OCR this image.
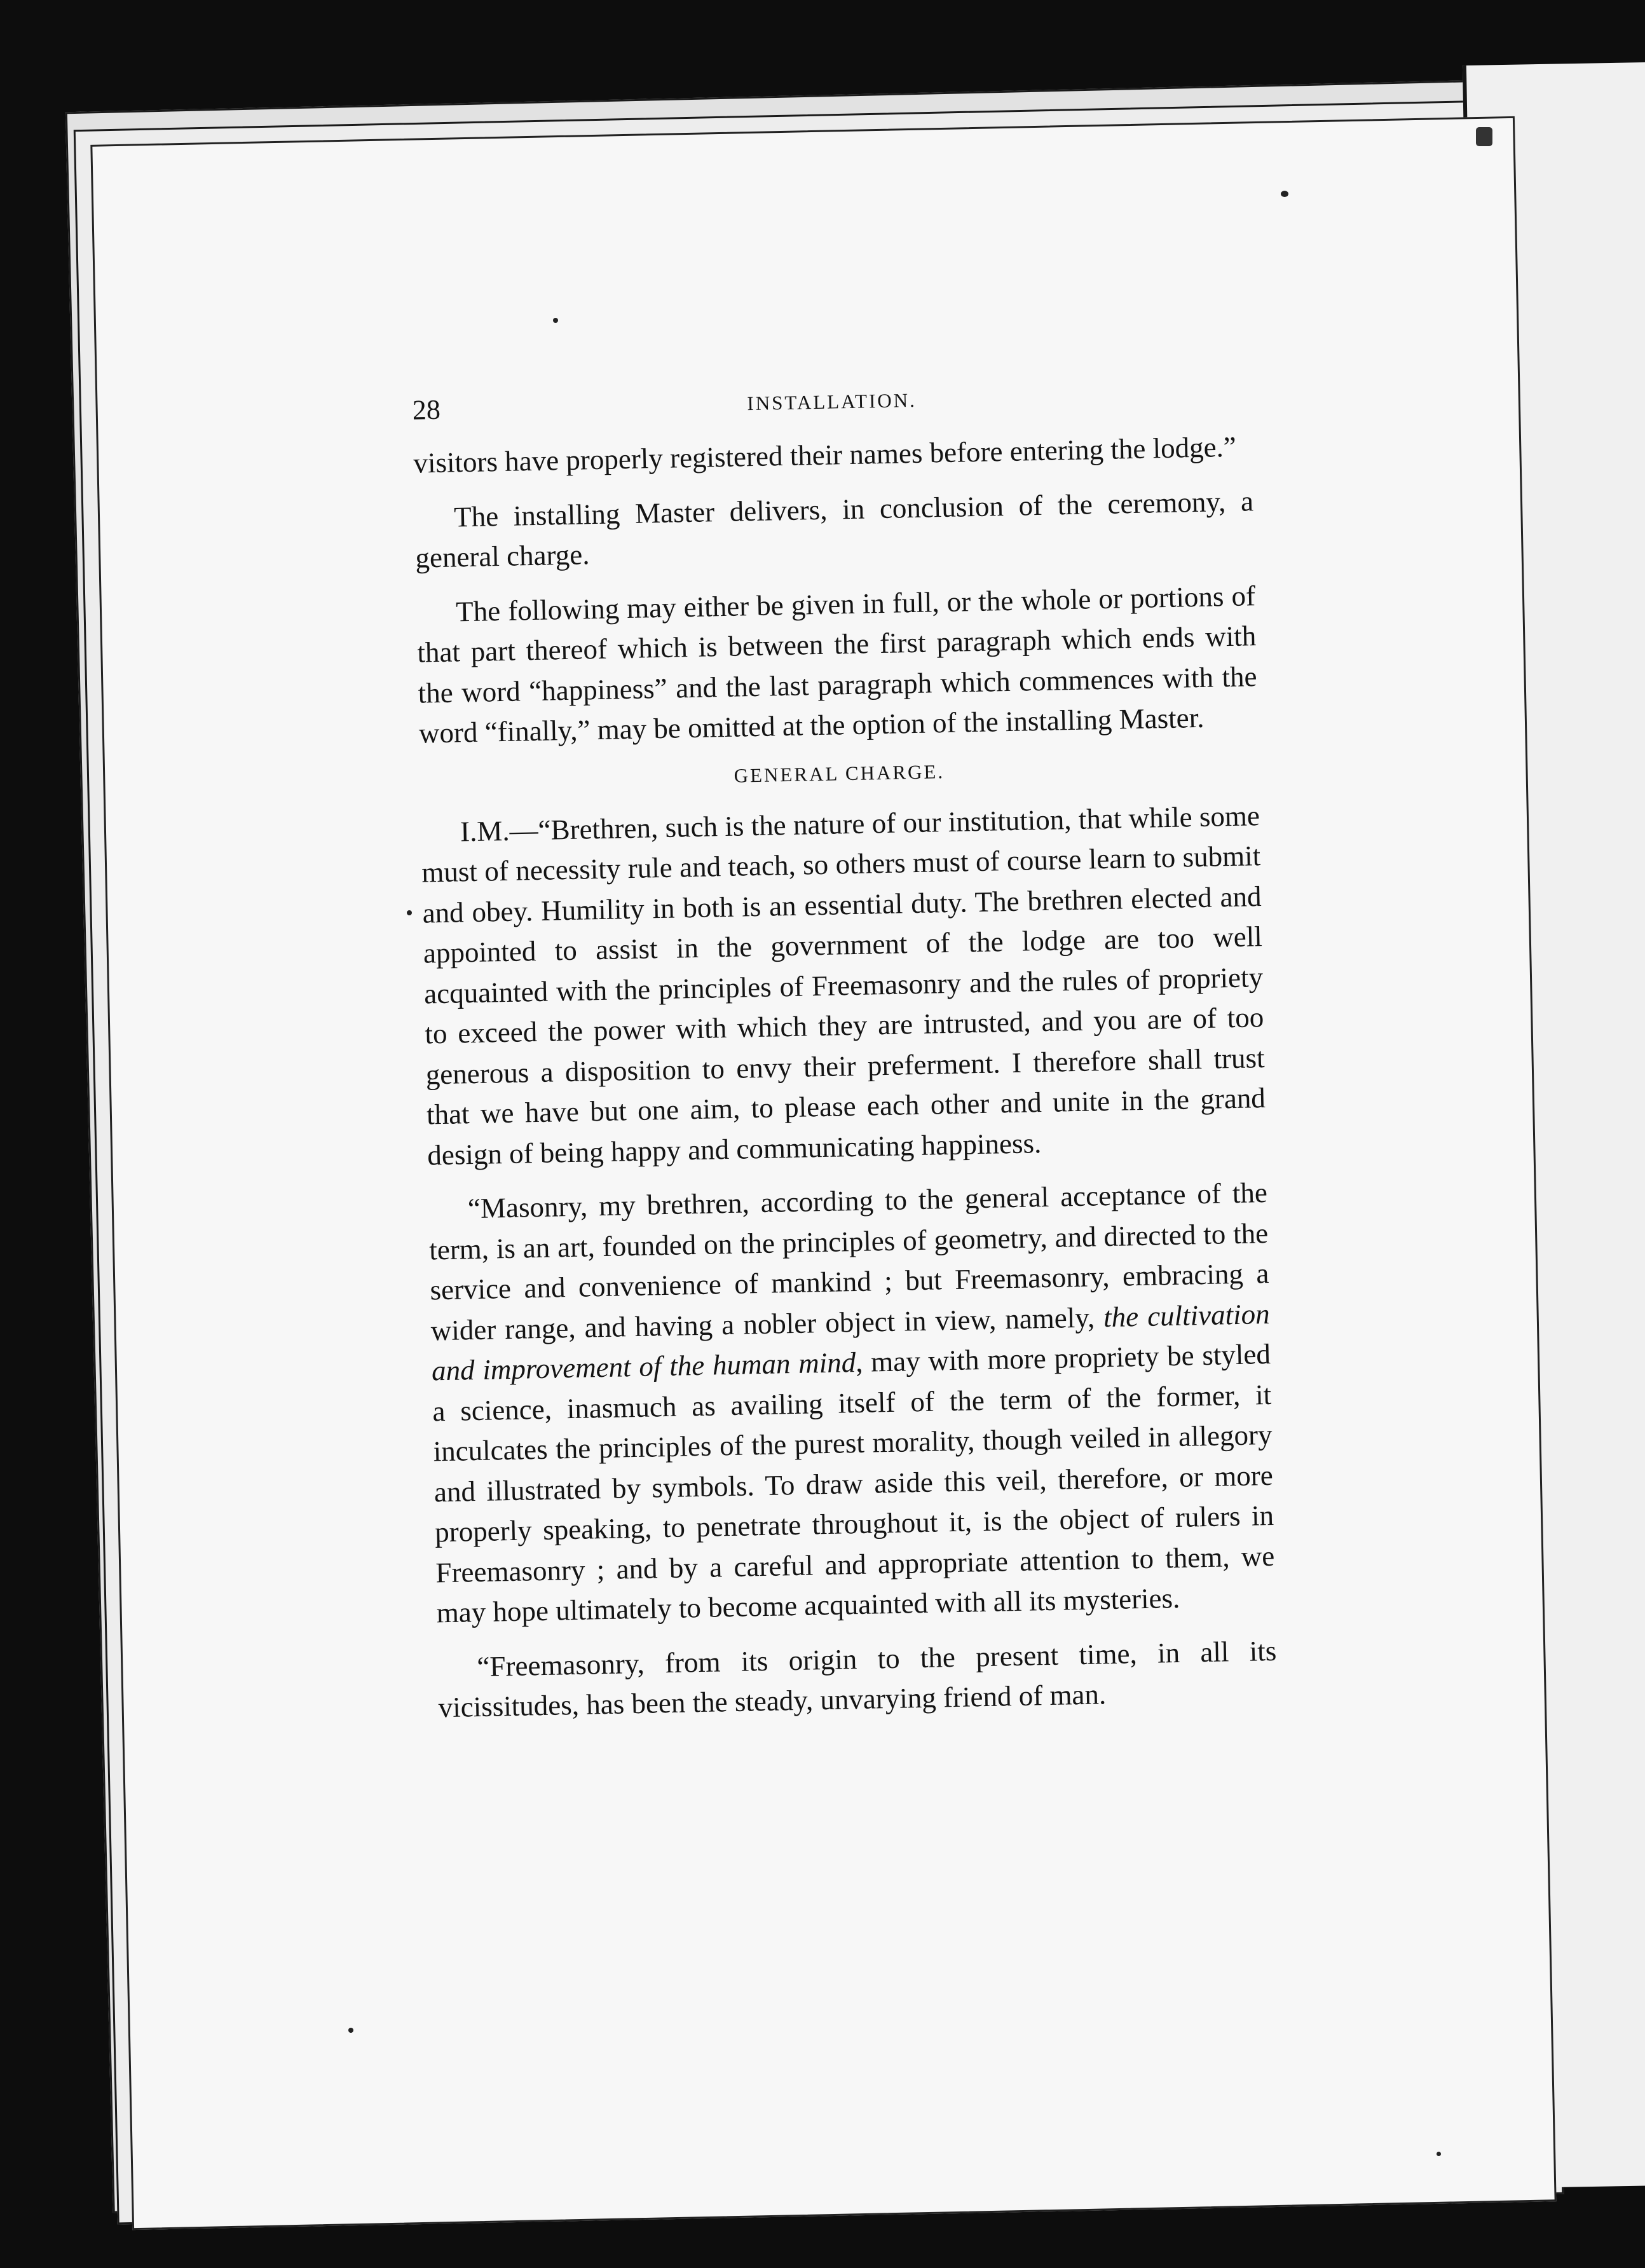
28	INSTALLATION.

visitors have properly registered their names before entering the lodge.”

The installing Master delivers, in conclusion of the ceremony, a general charge.

The following may either be given in full, or the whole or portions of that part thereof which is between the first paragraph which ends with the word “happiness” and the last paragraph which commences with the word “finally,” may be omitted at the option of the installing Master.

GENERAL CHARGE.

I.M.—“Brethren, such is the nature of our institution, that while some must of necessity rule and teach, so others must of course learn to submit and obey. Humility in both is an essential duty. The brethren elected and appointed to assist in the government of the lodge are too well acquainted with the principles of Freemasonry and the rules of propriety to exceed the power with which they are intrusted, and you are of too generous a disposition to envy their preferment. I therefore shall trust that we have but one aim, to please each other and unite in the grand design of being happy and communicating happiness.

“Masonry, my brethren, according to the general acceptance of the term, is an art, founded on the principles of geometry, and directed to the service and convenience of mankind ; but Freemasonry, embracing a wider range, and having a nobler object in view, namely, the cultivation and improvement of the human mind, may with more propriety be styled a science, inasmuch as availing itself of the term of the former, it inculcates the principles of the purest morality, though veiled in allegory and illustrated by symbols. To draw aside this veil, therefore, or more properly speaking, to penetrate throughout it, is the object of rulers in Freemasonry ; and by a careful and appropriate attention to them, we may hope ultimately to become acquainted with all its mysteries.

“Freemasonry, from its origin to the present time, in all its vicissitudes, has been the steady, unvarying friend of man.
